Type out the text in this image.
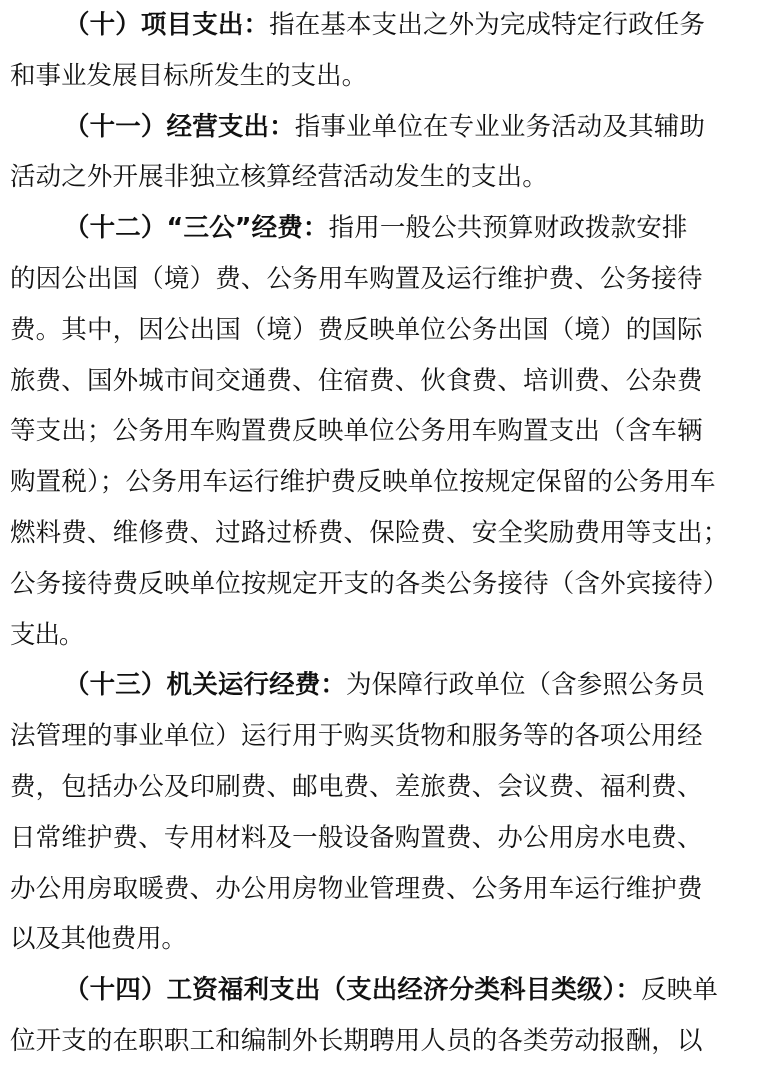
（十）项目支出：指在基本支出之外为完成特定行政任务
和事业发展目标所发生的支出。
（十一）经营支出：指事业单位在专业业务活动及其辅助
活动之外开展非独立核算经营活动发生的支出。
（十二）“三公”经费：指用一般公共预算财政拨款安排
的因公出国（境）费、公务用车购置及运行维护费、公务接待
费。其中，因公出国（境）费反映单位公务出国（境）的国际
旅费、国外城市间交通费、住宿费、伙食费、培训费、公杂费
等支出；公务用车购置费反映单位公务用车购置支出（含车辆
购置税）；公务用车运行维护费反映单位按规定保留的公务用车
燃料费、维修费、过路过桥费、保险费、安全奖励费用等支出；
公务接待费反映单位按规定开支的各类公务接待（含外宾接待）
支出。
（十三）机关运行经费：为保障行政单位（含参照公务员
法管理的事业单位）运行用于购买货物和服务等的各项公用经
费，包括办公及印刷费、邮电费、差旅费、会议费、福利费、
日常维护费、专用材料及一般设备购置费、办公用房水电费、
办公用房取暖费、办公用房物业管理费、公务用车运行维护费
以及其他费用。
（十四）工资福利支出（支出经济分类科目类级）：反映单
位开支的在职职工和编制外长期聘用人员的各类劳动报酬，以
